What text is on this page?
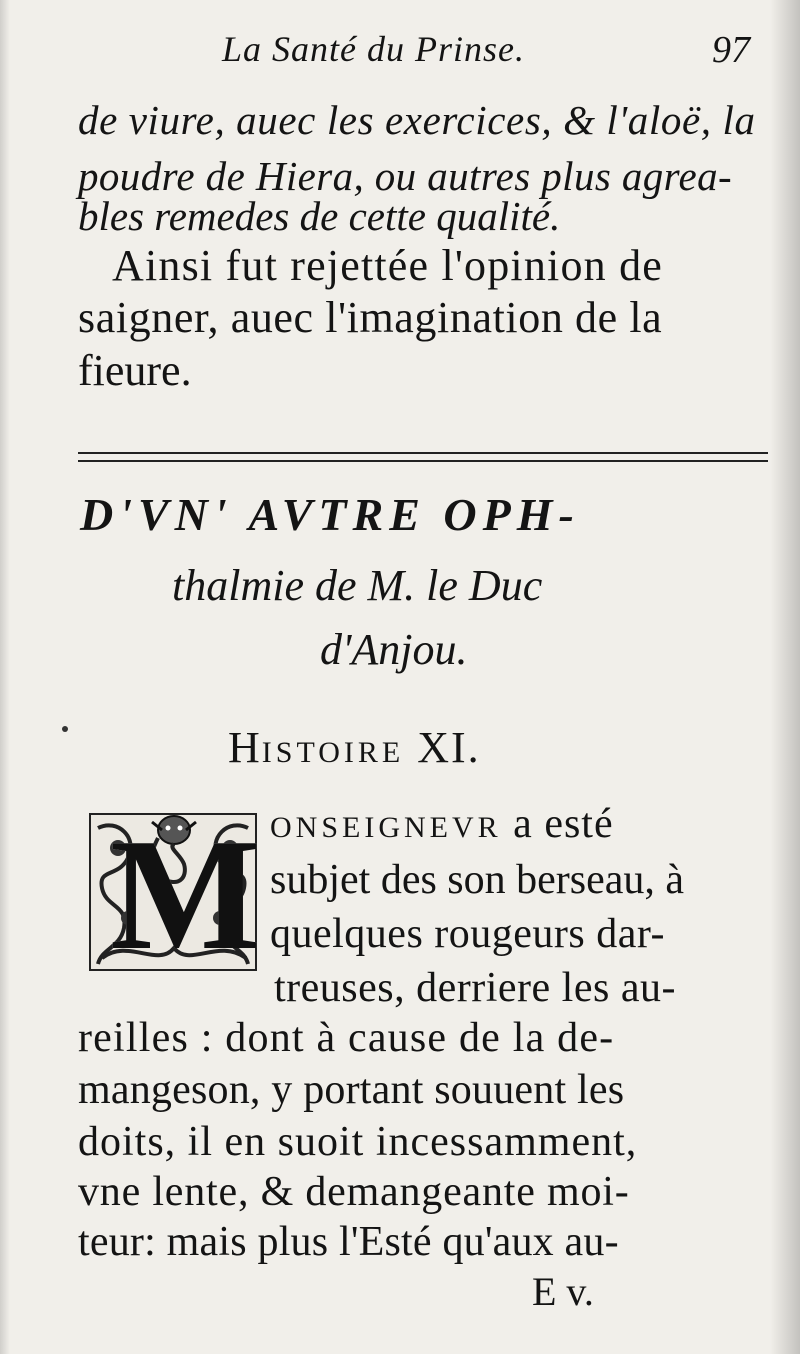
La Santé du Prinse.	97
de viure, auec les exercices, & l'aloë, la
poudre de Hiera, ou autres plus agrea-
bles remedes de cette qualité.
Ainsi fut rejettée l'opinion de
saigner, auec l'imagination de la
fieure.
D'VN' AVTRE OPH-
thalmie de M. le Duc
d'Anjou.
HISTOIRE XI.
M ONSEIGNEVR a esté
subjet des son berseau, à
quelques rougeurs dar-
treuses, derriere les au-
reilles : dont à cause de la de-
mangeson, y portant souuent les
doits, il en suoit incessamment,
vne lente, & demangeante moi-
teur: mais plus l'Esté qu'aux au-
E v.
